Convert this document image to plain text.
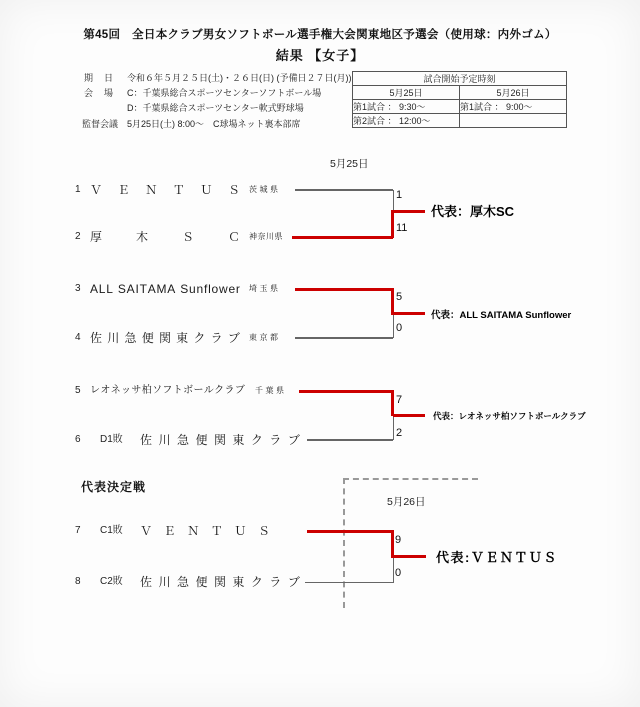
第45回　全日本クラブ男女ソフトボール選手権大会関東地区予選会（使用球：内外ゴム）
結果 【女子】
期　日 令和６年５月２５日(土)・２６日(日) (予備日２７日(月))
会　場 C：千葉県総合スポーツセンターソフトボール場
D：千葉県総合スポーツセンター軟式野球場
監督会議 5月25日(土) 8:00～　C球場ネット裏本部席
試合開始予定時刻	
5月25日	5月26日
第1試合 ： 9:30～	第1試合 ： 9:00～
第2試合 ： 12:00～	
5月25日
代表決定戦
5月26日
1 Ｖ Ｅ Ｎ Ｔ Ｕ Ｓ 茨城県
2 厚	木	Ｓ	Ｃ 神奈川県
3 A L L
S A I T A M A
S u n f l o w e r 埼玉県
4 佐 川 急 便 関 東 ク ラ ブ 東京都
5 レ オ ネ ッ サ 柏 ソ フ ト ボ ー ル ク ラ ブ 千葉県
6 D1敗 佐 川 急 便 関 東 ク ラ ブ
7 C1敗 Ｖ Ｅ Ｎ Ｔ Ｕ Ｓ
8 C2敗 佐 川 急 便 関 東 ク ラ ブ
1
11
代表：厚木SC
5
0
代表：ALL SAITAMA Sunflower
7
2
代表：レオネッサ柏ソフトボールクラブ
9
0
代表:ＶＥＮＴＵＳ
